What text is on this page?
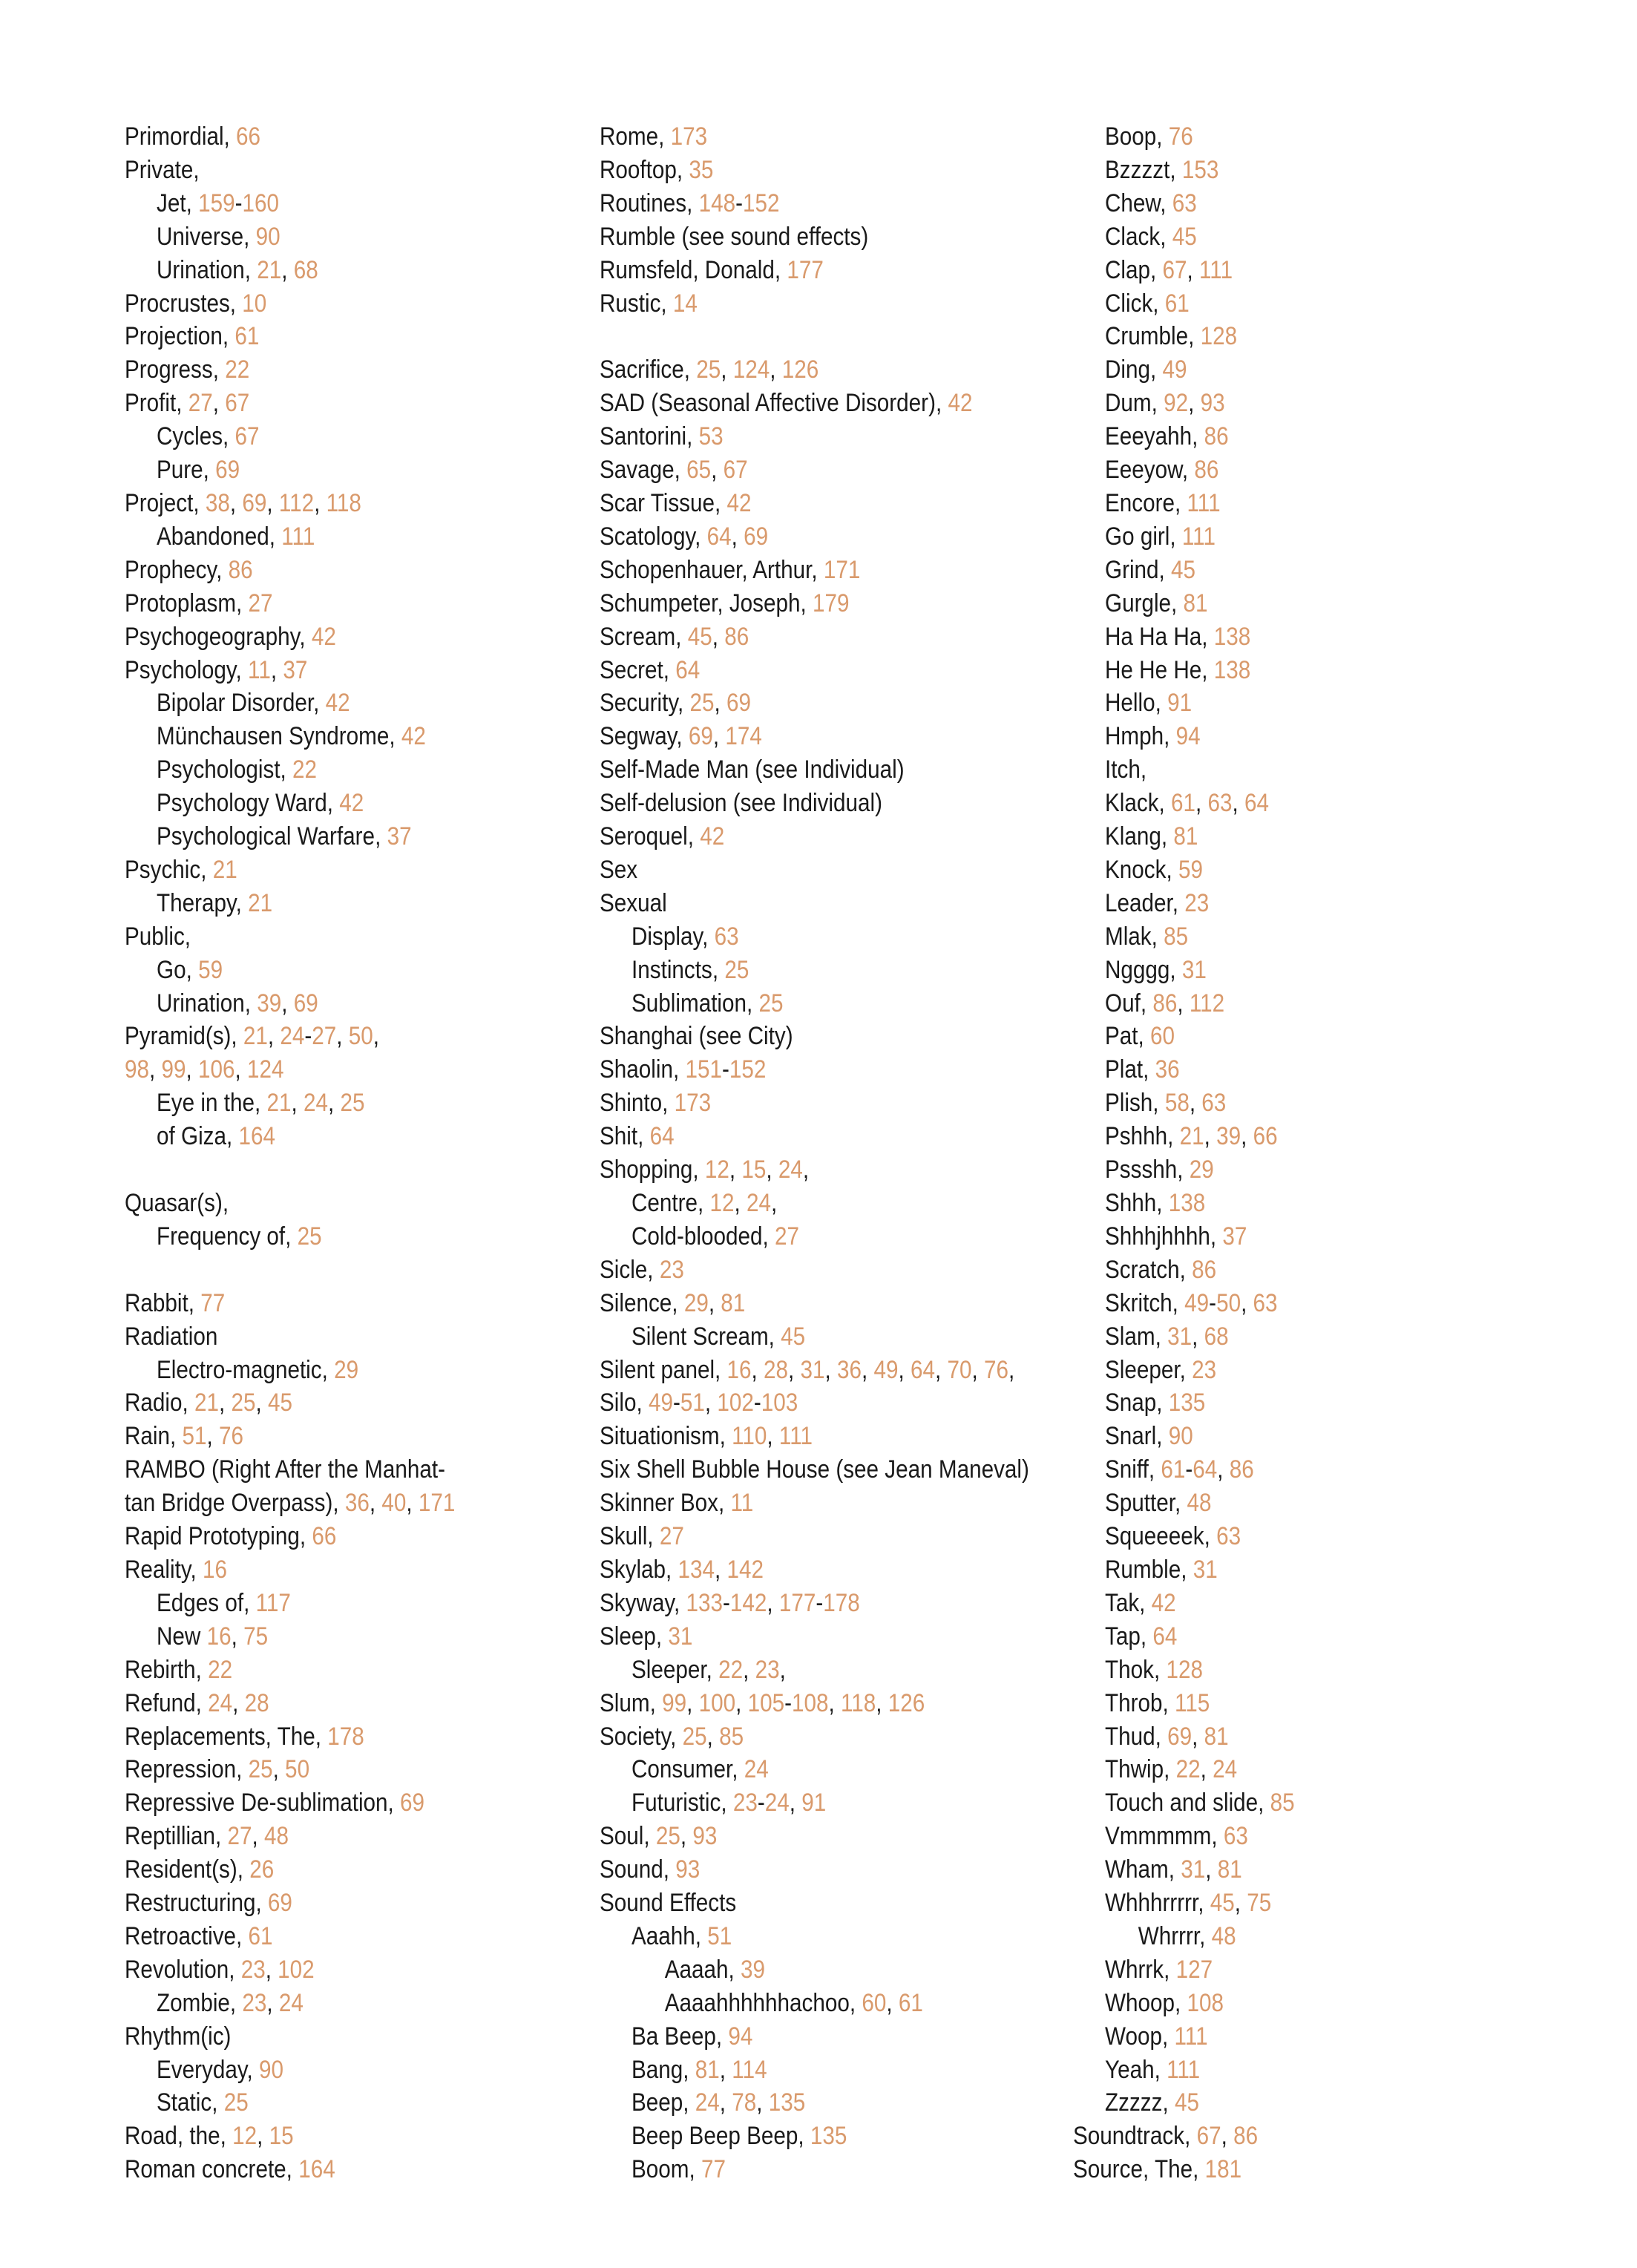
Primordial, 66
Private,
Jet, 159-160
Universe, 90
Urination, 21, 68
Procrustes, 10
Projection, 61
Progress, 22
Profit, 27, 67
Cycles, 67
Pure, 69
Project, 38, 69, 112, 118
Abandoned, 111
Prophecy, 86
Protoplasm, 27
Psychogeography, 42
Psychology, 11, 37
Bipolar Disorder, 42
Münchausen Syndrome, 42
Psychologist, 22
Psychology Ward, 42
Psychological Warfare, 37
Psychic, 21
Therapy, 21
Public,
Go, 59
Urination, 39, 69
Pyramid(s), 21, 24-27, 50,
98, 99, 106, 124
Eye in the, 21, 24, 25
of Giza, 164
Quasar(s),
Frequency of, 25
Rabbit, 77
Radiation
Electro-magnetic, 29
Radio, 21, 25, 45
Rain, 51, 76
RAMBO (Right After the Manhat-
tan Bridge Overpass), 36, 40, 171
Rapid Prototyping, 66
Reality, 16
Edges of, 117
New 16, 75
Rebirth, 22
Refund, 24, 28
Replacements, The, 178
Repression, 25, 50
Repressive De-sublimation, 69
Reptillian, 27, 48
Resident(s), 26
Restructuring, 69
Retroactive, 61
Revolution, 23, 102
Zombie, 23, 24
Rhythm(ic)
Everyday, 90
Static, 25
Road, the, 12, 15
Roman concrete, 164
Rome, 173
Rooftop, 35
Routines, 148-152
Rumble (see sound effects)
Rumsfeld, Donald, 177
Rustic, 14
Sacrifice, 25, 124, 126
SAD (Seasonal Affective Disorder), 42
Santorini, 53
Savage, 65, 67
Scar Tissue, 42
Scatology, 64, 69
Schopenhauer, Arthur, 171
Schumpeter, Joseph, 179
Scream, 45, 86
Secret, 64
Security, 25, 69
Segway, 69, 174
Self-Made Man (see Individual)
Self-delusion (see Individual)
Seroquel, 42
Sex
Sexual
Display, 63
Instincts, 25
Sublimation, 25
Shanghai (see City)
Shaolin, 151-152
Shinto, 173
Shit, 64
Shopping, 12, 15, 24,
Centre, 12, 24,
Cold-blooded, 27
Sicle, 23
Silence, 29, 81
Silent Scream, 45
Silent panel, 16, 28, 31, 36, 49, 64, 70, 76,
Silo, 49-51, 102-103
Situationism, 110, 111
Six Shell Bubble House (see Jean Maneval)
Skinner Box, 11
Skull, 27
Skylab, 134, 142
Skyway, 133-142, 177-178
Sleep, 31
Sleeper, 22, 23,
Slum, 99, 100, 105-108, 118, 126
Society, 25, 85
Consumer, 24
Futuristic, 23-24, 91
Soul, 25, 93
Sound, 93
Sound Effects
Aaahh, 51
Aaaah, 39
Aaaahhhhhhachoo, 60, 61
Ba Beep, 94
Bang, 81, 114
Beep, 24, 78, 135
Beep Beep Beep, 135
Boom, 77
Boop, 76
Bzzzzt, 153
Chew, 63
Clack, 45
Clap, 67, 111
Click, 61
Crumble, 128
Ding, 49
Dum, 92, 93
Eeeyahh, 86
Eeeyow, 86
Encore, 111
Go girl, 111
Grind, 45
Gurgle, 81
Ha Ha Ha, 138
He He He, 138
Hello, 91
Hmph, 94
Itch,
Klack, 61, 63, 64
Klang, 81
Knock, 59
Leader, 23
Mlak, 85
Ngggg, 31
Ouf, 86, 112
Pat, 60
Plat, 36
Plish, 58, 63
Pshhh, 21, 39, 66
Pssshh, 29
Shhh, 138
Shhhjhhhh, 37
Scratch, 86
Skritch, 49-50, 63
Slam, 31, 68
Sleeper, 23
Snap, 135
Snarl, 90
Sniff, 61-64, 86
Sputter, 48
Squeeeek, 63
Rumble, 31
Tak, 42
Tap, 64
Thok, 128
Throb, 115
Thud, 69, 81
Thwip, 22, 24
Touch and slide, 85
Vmmmmm, 63
Wham, 31, 81
Whhhrrrrr, 45, 75
Whrrrr, 48
Whrrk, 127
Whoop, 108
Woop, 111
Yeah, 111
Zzzzz, 45
Soundtrack, 67, 86
Source, The, 181
